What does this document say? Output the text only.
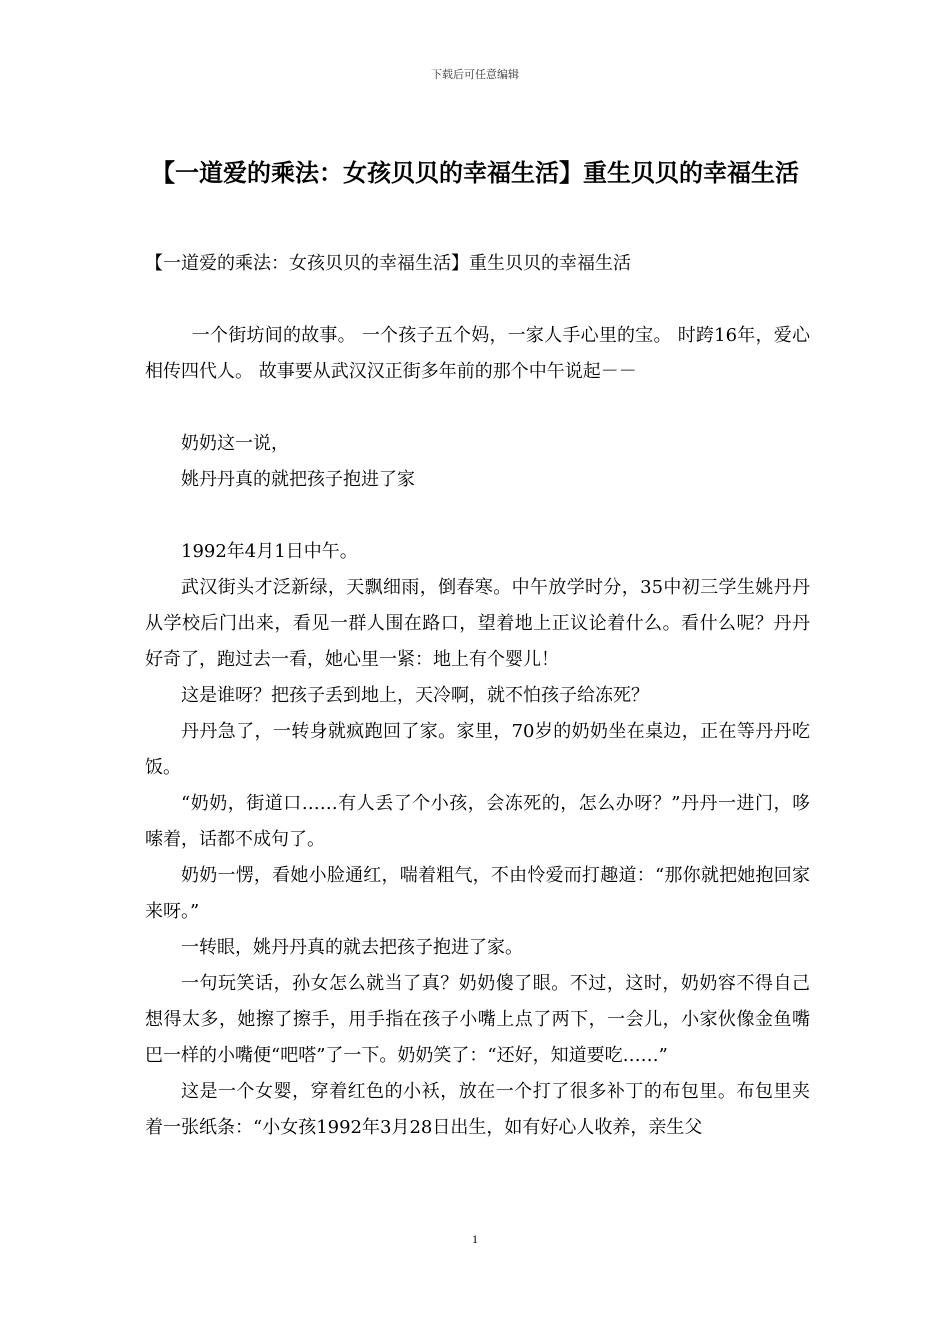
下载后可任意编辑
【一道爱的乘法：女孩贝贝的幸福生活】重生贝贝的幸福生活

【一道爱的乘法：女孩贝贝的幸福生活】重生贝贝的幸福生活

一个街坊间的故事。 一个孩子五个妈，一家人手心里的宝。 时跨16年，爱心相传四代人。 故事要从武汉汉正街多年前的那个中午说起－－

奶奶这一说，

姚丹丹真的就把孩子抱进了家

1992年4月1日中午。

武汉街头才泛新绿，天飘细雨，倒春寒。中午放学时分，35中初三学生姚丹丹从学校后门出来，看见一群人围在路口，望着地上正议论着什么。看什么呢？丹丹好奇了，跑过去一看，她心里一紧：地上有个婴儿！

这是谁呀？把孩子丢到地上，天冷啊，就不怕孩子给冻死？

丹丹急了，一转身就疯跑回了家。家里，70岁的奶奶坐在桌边，正在等丹丹吃饭。

“奶奶，街道口……有人丢了个小孩，会冻死的，怎么办呀？”丹丹一进门，哆嗦着，话都不成句了。

奶奶一愣，看她小脸通红，喘着粗气，不由怜爱而打趣道：“那你就把她抱回家来呀。”

一转眼，姚丹丹真的就去把孩子抱进了家。

一句玩笑话，孙女怎么就当了真？奶奶傻了眼。不过，这时，奶奶容不得自己想得太多，她擦了擦手，用手指在孩子小嘴上点了两下，一会儿，小家伙像金鱼嘴巴一样的小嘴便“吧嗒”了一下。奶奶笑了：“还好，知道要吃……”

这是一个女婴，穿着红色的小袄，放在一个打了很多补丁的布包里。布包里夹着一张纸条：“小女孩1992年3月28日出生，如有好心人收养，亲生父

1
